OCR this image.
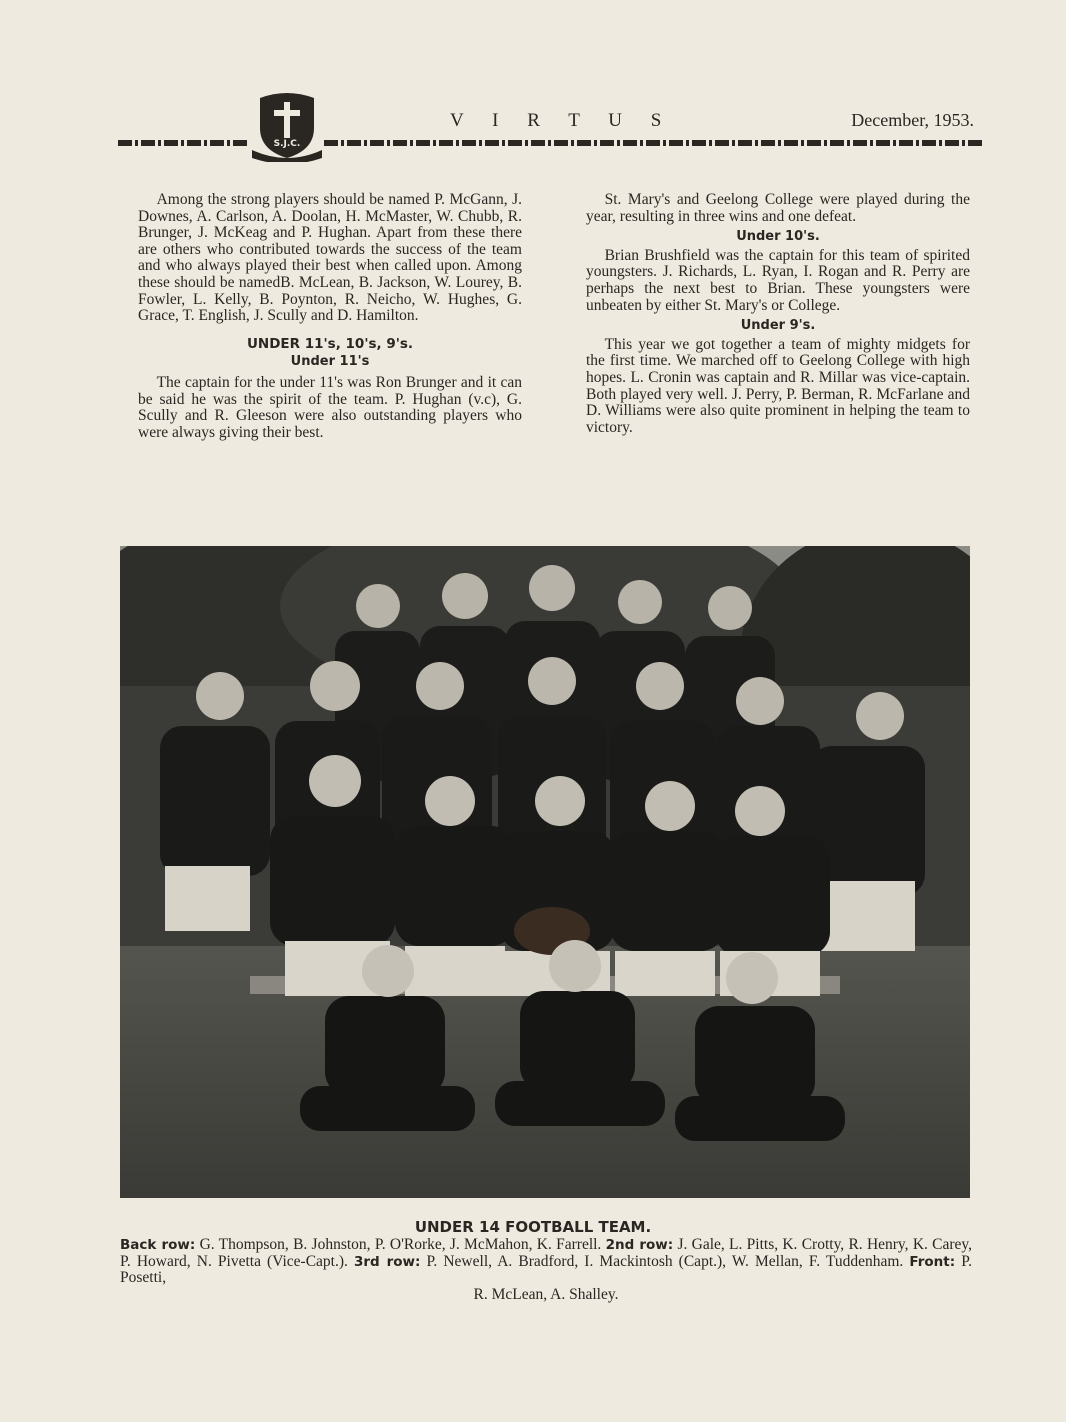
S.J.C.
V I R T U S	December, 1953.

Among the strong players should be named P. McGann, J. Downes, A. Carlson, A. Doolan, H. McMaster, W. Chubb, R. Brunger, J. McKeag and P. Hughan. Apart from these there are others who contributed towards the success of the team and who always played their best when called upon. Among these should be namedB. McLean, B. Jackson, W. Lourey, B. Fowler, L. Kelly, B. Poynton, R. Neicho, W. Hughes, G. Grace, T. English, J. Scully and D. Hamilton.

UNDER 11's, 10's, 9's.
Under 11's

The captain for the under 11's was Ron Brunger and it can be said he was the spirit of the team. P. Hughan (v.c), G. Scully and R. Gleeson were also outstanding players who were always giving their best.

St. Mary's and Geelong College were played during the year, resulting in three wins and one defeat.

Under 10's.

Brian Brushfield was the captain for this team of spirited youngsters. J. Richards, L. Ryan, I. Rogan and R. Perry are perhaps the next best to Brian. These youngsters were unbeaten by either St. Mary's or College.

Under 9's.

This year we got together a team of mighty midgets for the first time. We marched off to Geelong College with high hopes. L. Cronin was captain and R. Millar was vice-captain. Both played very well. J. Perry, P. Berman, R. McFarlane and D. Williams were also quite prominent in helping the team to victory.

UNDER 14 FOOTBALL TEAM.
Back row: G. Thompson, B. Johnston, P. O'Rorke, J. McMahon, K. Farrell. 2nd row: J. Gale, L. Pitts, K. Crotty, R. Henry, K. Carey, P. Howard, N. Pivetta (Vice-Capt.). 3rd row: P. Newell, A. Bradford, I. Mackintosh (Capt.), W. Mellan, F. Tuddenham. Front: P. Posetti,
R. McLean, A. Shalley.
